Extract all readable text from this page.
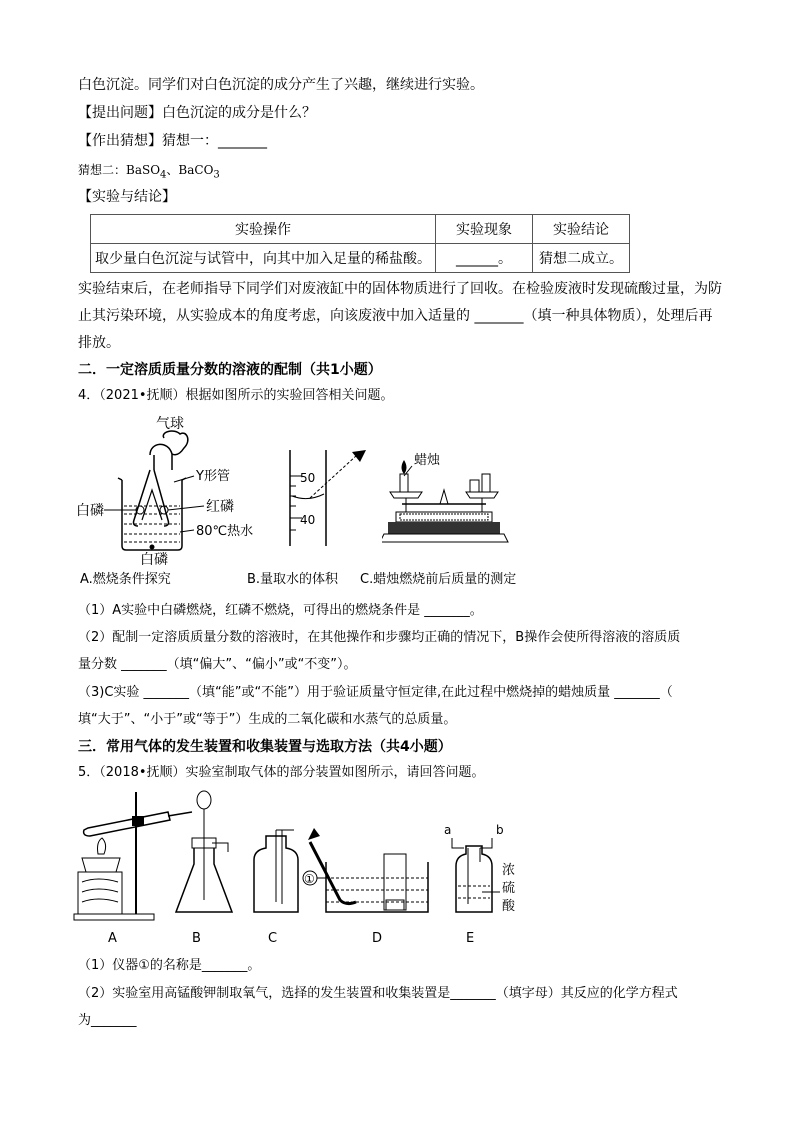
白色沉淀。同学们对白色沉淀的成分产生了兴趣，继续进行实验。
【提出问题】白色沉淀的成分是什么？
【作出猜想】猜想一：_______
猜想二：BaSO$_4$、BaCO$_3$
【实验与结论】
实验操作	实验现象	实验结论
取少量白色沉淀与试管中，向其中加入足量的稀盐酸。	______。	猜想二成立。
实验结束后，在老师指导下同学们对废液缸中的固体物质进行了回收。在检验废液时发现硫酸过量，为防
止其污染环境，从实验成本的角度考虑，向该废液中加入适量的 _______（填一种具体物质），处理后再
排放。
二．一定溶质质量分数的溶液的配制（共1小题）
4．（2021•抚顺）根据如图所示的实验回答相关问题。
气球
Y形管
白磷	红磷
80℃热水
白磷
50
40
蜡烛
A.燃烧条件探究	B.量取水的体积 C.蜡烛燃烧前后质量的测定
（1）A实验中白磷燃烧，红磷不燃烧，可得出的燃烧条件是 _______。
（2）配制一定溶质质量分数的溶液时，在其他操作和步骤均正确的情况下，B操作会使所得溶液的溶质质
量分数 _______（填“偏大”、“偏小”或“不变”）。
（3)C实验 _______（填“能”或“不能”）用于验证质量守恒定律,在此过程中燃烧掉的蜡烛质量 _______（
填“大于”、“小于”或“等于”）生成的二氧化碳和水蒸气的总质量。
三．常用气体的发生装置和收集装置与选取方法（共4小题）
5．（2018•抚顺）实验室制取气体的部分装置如图所示，请回答问题。
A	B	C
①
D
a	b
浓
硫
酸
E
（1）仪器①的名称是_______。
（2）实验室用高锰酸钾制取氧气，选择的发生装置和收集装置是_______（填字母）其反应的化学方程式
为_______
